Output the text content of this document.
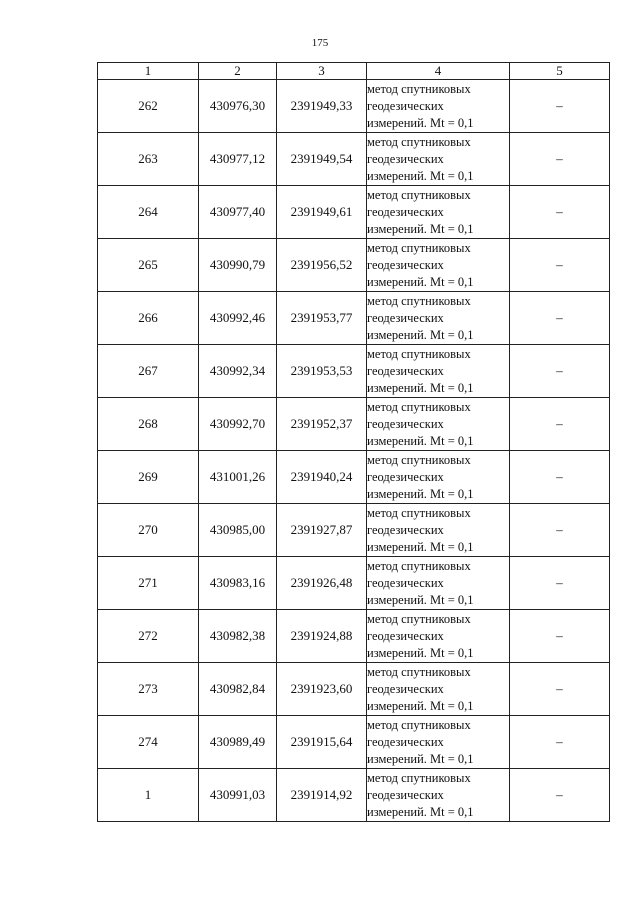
175
1	2	3	4	5
262	430976,30	2391949,33	метод спутниковых
геодезических
измерений. Mt = 0,1	–
263	430977,12	2391949,54	метод спутниковых
геодезических
измерений. Mt = 0,1	–
264	430977,40	2391949,61	метод спутниковых
геодезических
измерений. Mt = 0,1	–
265	430990,79	2391956,52	метод спутниковых
геодезических
измерений. Mt = 0,1	–
266	430992,46	2391953,77	метод спутниковых
геодезических
измерений. Mt = 0,1	–
267	430992,34	2391953,53	метод спутниковых
геодезических
измерений. Mt = 0,1	–
268	430992,70	2391952,37	метод спутниковых
геодезических
измерений. Mt = 0,1	–
269	431001,26	2391940,24	метод спутниковых
геодезических
измерений. Mt = 0,1	–
270	430985,00	2391927,87	метод спутниковых
геодезических
измерений. Mt = 0,1	–
271	430983,16	2391926,48	метод спутниковых
геодезических
измерений. Mt = 0,1	–
272	430982,38	2391924,88	метод спутниковых
геодезических
измерений. Mt = 0,1	–
273	430982,84	2391923,60	метод спутниковых
геодезических
измерений. Mt = 0,1	–
274	430989,49	2391915,64	метод спутниковых
геодезических
измерений. Mt = 0,1	–
1	430991,03	2391914,92	метод спутниковых
геодезических
измерений. Mt = 0,1	–
